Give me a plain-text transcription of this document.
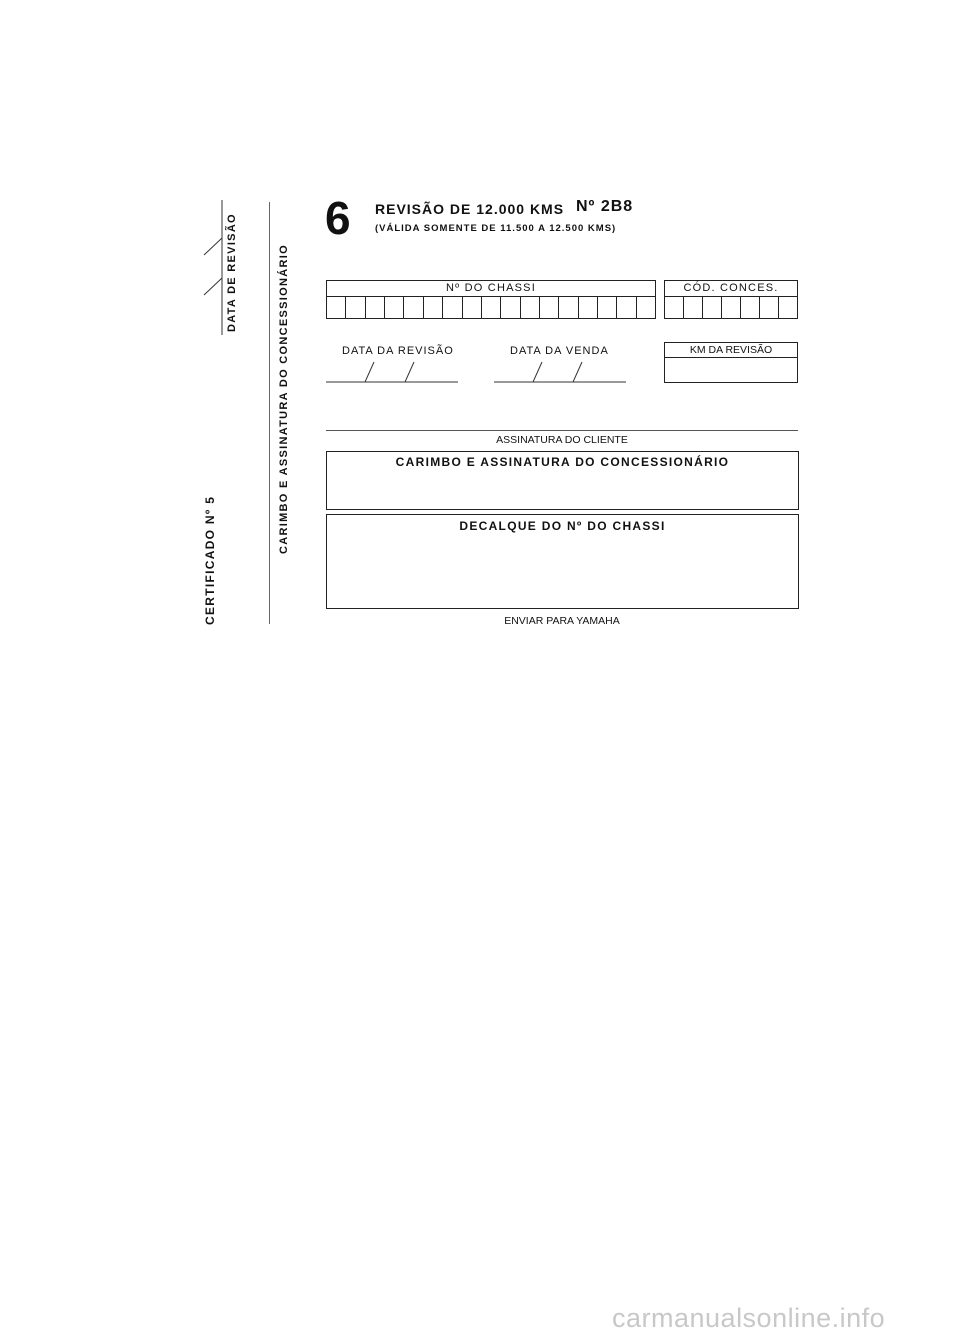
CERTIFICADO Nº 5
DATA DE REVISÃO	CARIMBO E ASSINATURA DO CONCESSIONÁRIO
6 REVISÃO DE 12.000 KMS Nº 2B8
(VÁLIDA SOMENTE DE 11.500 A 12.500 KMS)
Nº DO CHASSI	CÓD. CONCES.
DATA DA REVISÃO	DATA DA VENDA	KM DA REVISÃO
ASSINATURA DO CLIENTE
CARIMBO E ASSINATURA DO CONCESSIONÁRIO
DECALQUE DO Nº DO CHASSI
ENVIAR PARA YAMAHA
carmanualsonline.info
